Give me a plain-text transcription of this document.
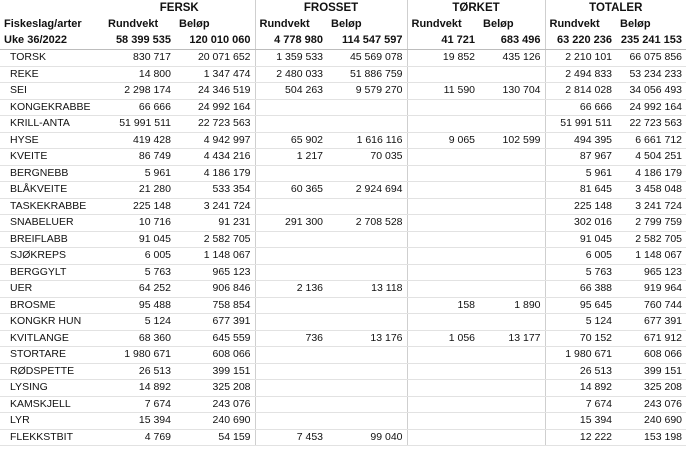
	FERSK		FROSSET		TØRKET		TOTALER	
Fiskeslag/arter	Rundvekt	Beløp	Rundvekt	Beløp	Rundvekt	Beløp	Rundvekt	Beløp
Uke 36/2022	58 399 535	120 010 060	4 778 980	114 547 597	41 721	683 496	63 220 236	235 241 153
TORSK	830 717	20 071 652	1 359 533	45 569 078	19 852	435 126	2 210 101	66 075 856
REKE	14 800	1 347 474	2 480 033	51 886 759			2 494 833	53 234 233
SEI	2 298 174	24 346 519	504 263	9 579 270	11 590	130 704	2 814 028	34 056 493
KONGEKRABBE	66 666	24 992 164					66 666	24 992 164
KRILL-ANTA	51 991 511	22 723 563					51 991 511	22 723 563
HYSE	419 428	4 942 997	65 902	1 616 116	9 065	102 599	494 395	6 661 712
KVEITE	86 749	4 434 216	1 217	70 035			87 967	4 504 251
BERGNEBB	5 961	4 186 179					5 961	4 186 179
BLÅKVEITE	21 280	533 354	60 365	2 924 694			81 645	3 458 048
TASKEKRABBE	225 148	3 241 724					225 148	3 241 724
SNABELUER	10 716	91 231	291 300	2 708 528			302 016	2 799 759
BREIFLABB	91 045	2 582 705					91 045	2 582 705
SJØKREPS	6 005	1 148 067					6 005	1 148 067
BERGGYLT	5 763	965 123					5 763	965 123
UER	64 252	906 846	2 136	13 118			66 388	919 964
BROSME	95 488	758 854			158	1 890	95 645	760 744
KONGKR HUN	5 124	677 391					5 124	677 391
KVITLANGE	68 360	645 559	736	13 176	1 056	13 177	70 152	671 912
STORTARE	1 980 671	608 066					1 980 671	608 066
RØDSPETTE	26 513	399 151					26 513	399 151
LYSING	14 892	325 208					14 892	325 208
KAMSKJELL	7 674	243 076					7 674	243 076
LYR	15 394	240 690					15 394	240 690
FLEKKSTBIT	4 769	54 159	7 453	99 040			12 222	153 198
